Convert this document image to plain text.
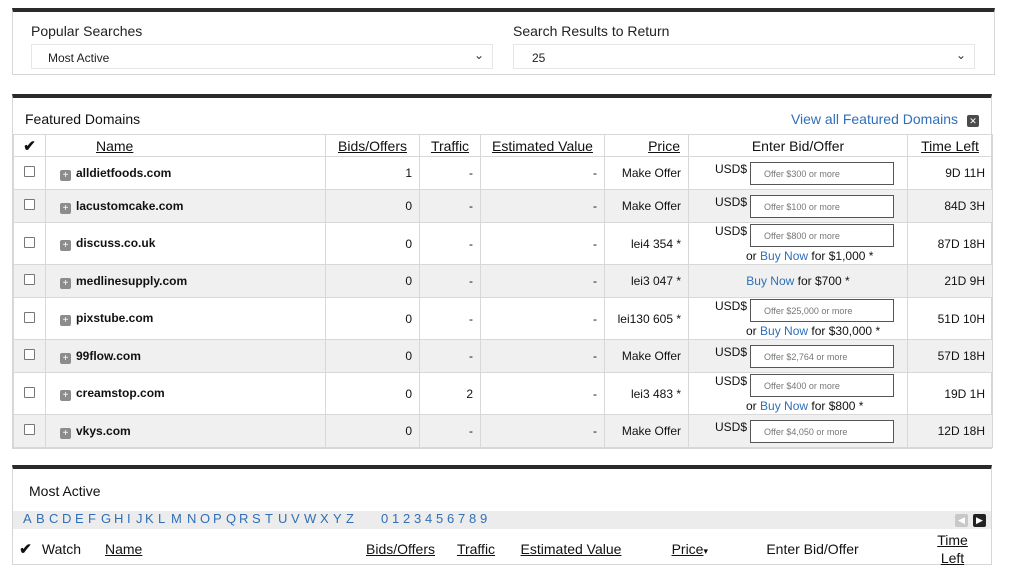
Popular Searches
Most Active	⌄
Search Results to Return
25	⌄
Featured Domains	View all Featured Domains ✕
✔	Name	Bids/Offers	Traffic	Estimated Value	Price	Enter Bid/Offer	Time Left
	+ alldietfoods.com	1	-	-	Make Offer	USD$ Offer $300 or more	9D 11H
	+ lacustomcake.com	0	-	-	Make Offer	USD$ Offer $100 or more	84D 3H
	+ discuss.co.uk	0	-	-	lei4 354 *	USD$ Offer $800 or more
or Buy Now for $1,000 *	87D 18H
	+ medlinesupply.com	0	-	-	lei3 047 *	Buy Now for $700 *	21D 9H
	+ pixstube.com	0	-	-	lei130 605 *	USD$ Offer $25,000 or more
or Buy Now for $30,000 *	51D 10H
	+ 99flow.com	0	-	-	Make Offer	USD$ Offer $2,764 or more	57D 18H
	+ creamstop.com	0	2	-	lei3 483 *	USD$ Offer $400 or more
or Buy Now for $800 *	19D 1H
	+ vkys.com	0	-	-	Make Offer	USD$ Offer $4,050 or more	12D 18H
Most Active
◀	▶
A B C D E F G H I J K L M N O P Q R S T U V W X Y Z 0 1 2 3 4 5 6 7 8 9
✔	Watch	Name	Bids/Offers	Traffic	Estimated Value	Price▾	Enter Bid/Offer	
Time
Left
